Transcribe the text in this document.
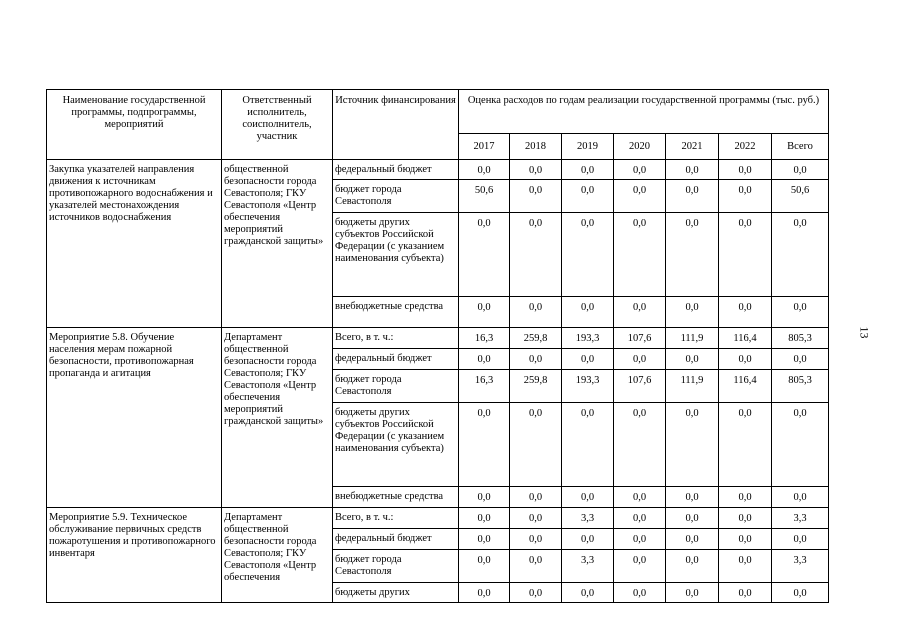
13
Наименование государственной программы, подпрограммы, мероприятий	Ответственный исполнитель, соисполнитель, участник	Источник финансирования	Оценка расходов по годам реализации государственной программы (тыс. руб.)						
			2017	2018	2019	2020	2021	2022	Всего
Закупка указателей направления движения к источникам противопожарного водоснабжения и указателей местонахождения источников водоснабжения	общественной безопасности города Севастополя; ГКУ Севастополя «Центр обеспечения мероприятий гражданской защиты»	федеральный бюджет	0,0	0,0	0,0	0,0	0,0	0,0	0,0
		бюджет города Севастополя	50,6	0,0	0,0	0,0	0,0	0,0	50,6
		бюджеты других субъектов Российской Федерации (с указанием наименования субъекта)	0,0	0,0	0,0	0,0	0,0	0,0	0,0
		внебюджетные средства	0,0	0,0	0,0	0,0	0,0	0,0	0,0
Мероприятие 5.8. Обучение населения мерам пожарной безопасности, противопожарная пропаганда и агитация	Департамент общественной безопасности города Севастополя; ГКУ Севастополя «Центр обеспечения мероприятий гражданской защиты»	Всего, в т. ч.:	16,3	259,8	193,3	107,6	111,9	116,4	805,3
		федеральный бюджет	0,0	0,0	0,0	0,0	0,0	0,0	0,0
		бюджет города Севастополя	16,3	259,8	193,3	107,6	111,9	116,4	805,3
		бюджеты других субъектов Российской Федерации (с указанием наименования субъекта)	0,0	0,0	0,0	0,0	0,0	0,0	0,0
		внебюджетные средства	0,0	0,0	0,0	0,0	0,0	0,0	0,0
Мероприятие 5.9. Техническое обслуживание первичных средств пожаротушения и противопожарного инвентаря	Департамент общественной безопасности города Севастополя; ГКУ Севастополя «Центр обеспечения	Всего, в т. ч.:	0,0	0,0	3,3	0,0	0,0	0,0	3,3
		федеральный бюджет	0,0	0,0	0,0	0,0	0,0	0,0	0,0
		бюджет города Севастополя	0,0	0,0	3,3	0,0	0,0	0,0	3,3
		бюджеты других	0,0	0,0	0,0	0,0	0,0	0,0	0,0
